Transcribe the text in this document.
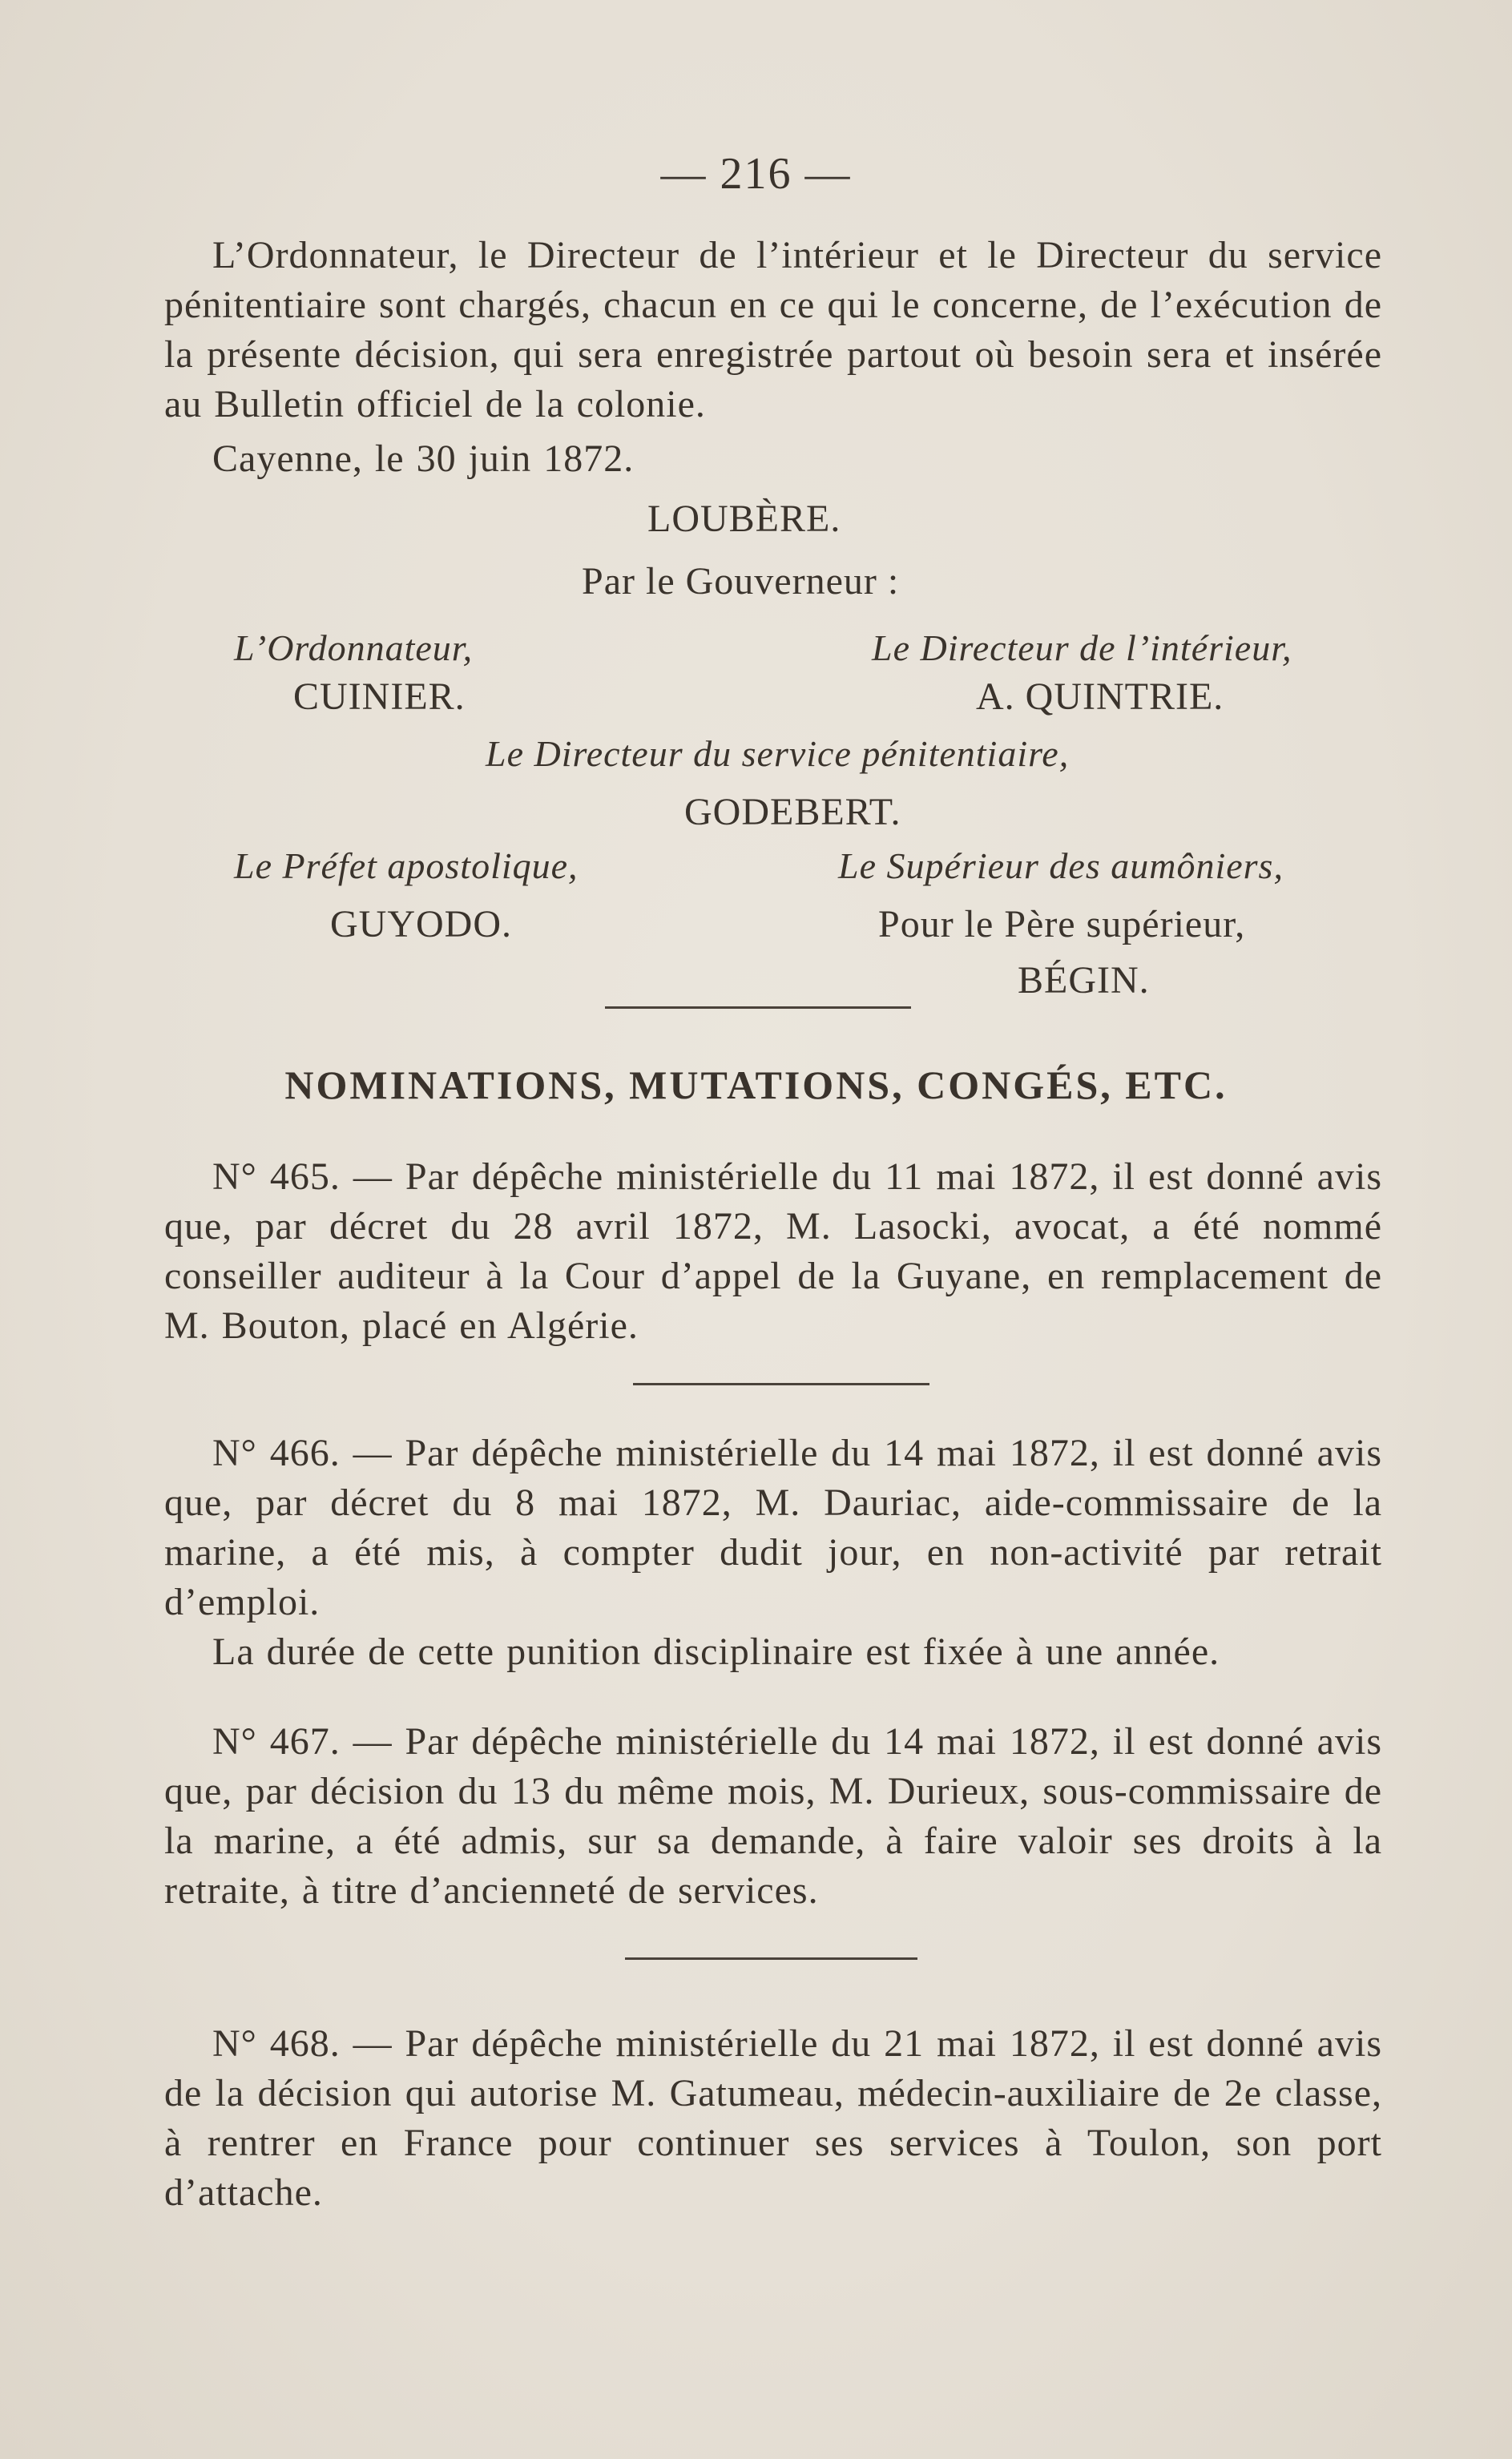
— 216 —

L’Ordonnateur, le Directeur de l’intérieur et le Directeur du service pénitentiaire sont chargés, chacun en ce qui le concerne, de l’exécution de la présente décision, qui sera enregistrée partout où besoin sera et insérée au Bulletin officiel de la colonie.

Cayenne, le 30 juin 1872.

LOUBÈRE.
Par le Gouverneur :
L’Ordonnateur,
CUINIER.
Le Directeur de l’intérieur,
A. QUINTRIE.
Le Directeur du service pénitentiaire,
GODEBERT.
Le Préfet apostolique,
GUYODO.
Le Supérieur des aumôniers,
Pour le Père supérieur,
BÉGIN.
NOMINATIONS, MUTATIONS, CONGÉS, ETC.

N° 465. — Par dépêche ministérielle du 11 mai 1872, il est donné avis que, par décret du 28 avril 1872, M. Lasocki, avocat, a été nommé conseiller auditeur à la Cour d’appel de la Guyane, en remplacement de M. Bouton, placé en Algérie.

N° 466. — Par dépêche ministérielle du 14 mai 1872, il est donné avis que, par décret du 8 mai 1872, M. Dauriac, aide-commissaire de la marine, a été mis, à compter dudit jour, en non-activité par retrait d’emploi.

La durée de cette punition disciplinaire est fixée à une année.

N° 467. — Par dépêche ministérielle du 14 mai 1872, il est donné avis que, par décision du 13 du même mois, M. Durieux, sous-commissaire de la marine, a été admis, sur sa demande, à faire valoir ses droits à la retraite, à titre d’ancienneté de services.

N° 468. — Par dépêche ministérielle du 21 mai 1872, il est donné avis de la décision qui autorise M. Gatumeau, médecin-auxiliaire de 2e classe, à rentrer en France pour continuer ses services à Toulon, son port d’attache.
